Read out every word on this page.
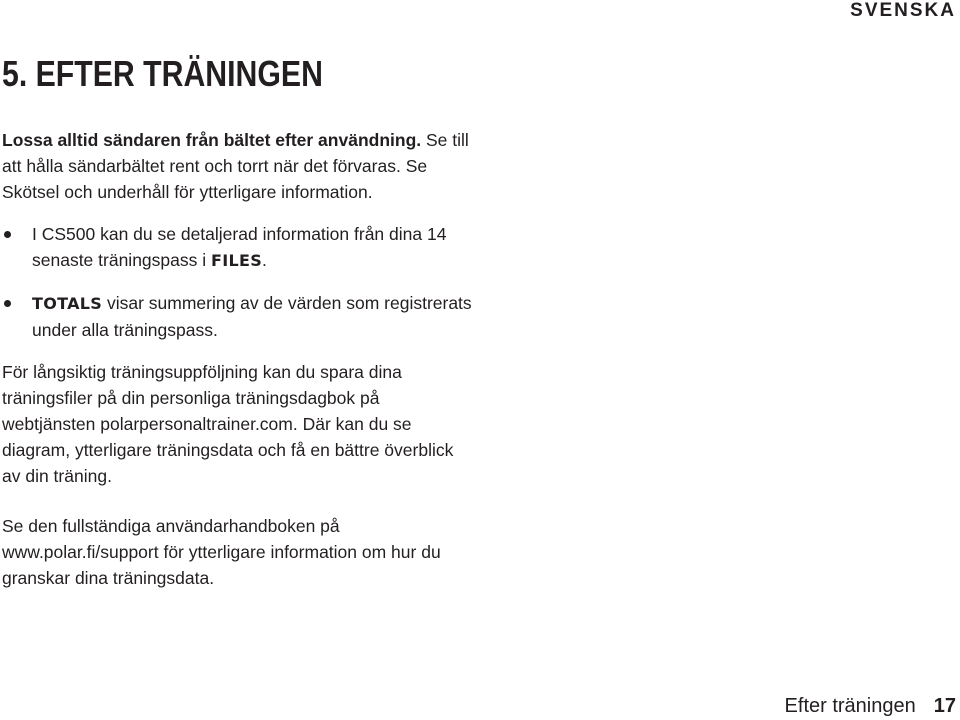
SVENSKA
5. EFTER TRÄNINGEN

Lossa alltid sändaren från bältet efter användning. Se till att hålla sändarbältet rent och torrt när det förvaras. Se Skötsel och underhåll för ytterligare information.

I CS500 kan du se detaljerad information från dina 14 senaste träningspass i FILES.
TOTALS visar summering av de värden som registrerats under alla träningspass.

För långsiktig träningsuppföljning kan du spara dina träningsfiler på din personliga träningsdagbok på webtjänsten polarpersonaltrainer.com. Där kan du se diagram, ytterligare träningsdata och få en bättre överblick av din träning.

Se den fullständiga användarhandboken på www.polar.fi/support för ytterligare information om hur du granskar dina träningsdata.

Efter träningen 17
